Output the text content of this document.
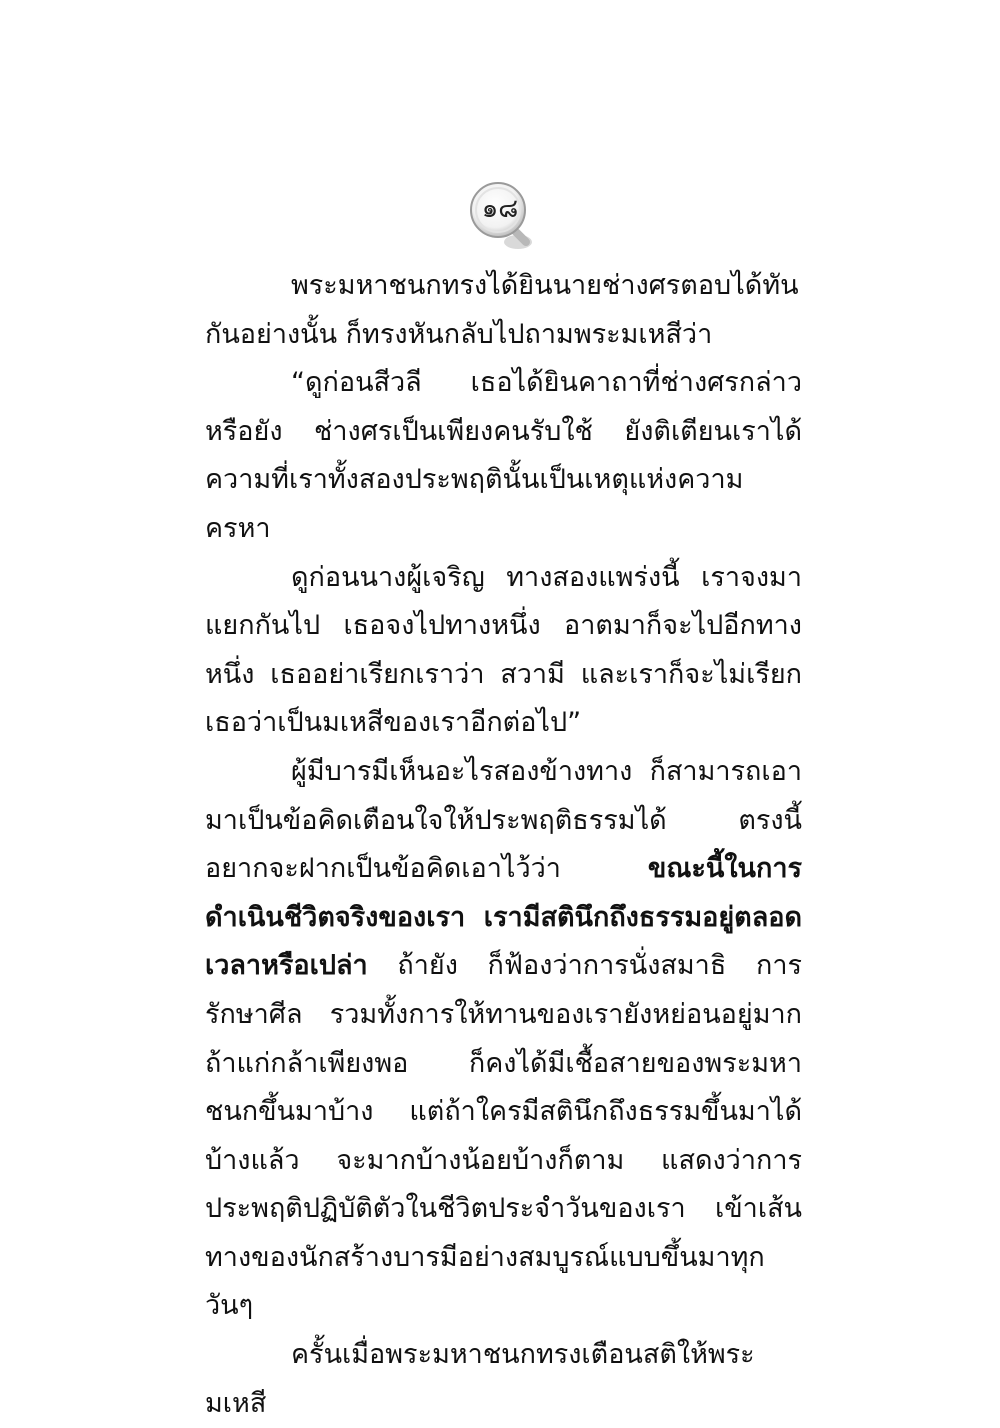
๑๘

พระมหาชนกทรงได้ยินนายช่างศรตอบได้ทันกันอย่างนั้น ก็ทรงหันกลับไปถามพระมเหสีว่า

“ดูก่อนสีวลี เธอได้ยินคาถาที่ช่างศรกล่าวหรือยัง ช่างศรเป็นเพียงคนรับใช้ ยังติเตียนเราได้ ความที่เราทั้งสองประพฤตินั้นเป็นเหตุแห่งความครหา

ดูก่อนนางผู้เจริญ ทางสองแพร่งนี้ เราจงมาแยกกันไป เธอจงไปทางหนึ่ง อาตมาก็จะไปอีกทางหนึ่ง เธออย่าเรียกเราว่า สวามี และเราก็จะไม่เรียกเธอว่าเป็นมเหสีของเราอีกต่อไป”

ผู้มีบารมีเห็นอะไรสองข้างทาง ก็สามารถเอามาเป็นข้อคิดเตือนใจให้ประพฤติธรรมได้ ตรงนี้อยากจะฝากเป็นข้อคิดเอาไว้ว่า ขณะนี้ในการดำเนินชีวิตจริงของเรา เรามีสตินึกถึงธรรมอยู่ตลอดเวลาหรือเปล่า ถ้ายัง ก็ฟ้องว่าการนั่งสมาธิ การรักษาศีล รวมทั้งการให้ทานของเรายังหย่อนอยู่มาก ถ้าแก่กล้าเพียงพอ ก็คงได้มีเชื้อสายของพระมหาชนกขึ้นมาบ้าง แต่ถ้าใครมีสตินึกถึงธรรมขึ้นมาได้บ้างแล้ว จะมากบ้างน้อยบ้างก็ตาม แสดงว่าการประพฤติปฏิบัติตัวในชีวิตประจำวันของเรา เข้าเส้นทางของนักสร้างบารมีอย่างสมบูรณ์แบบขึ้นมาทุกวันๆ

ครั้นเมื่อพระมหาชนกทรงเตือนสติให้พระมเหสี
